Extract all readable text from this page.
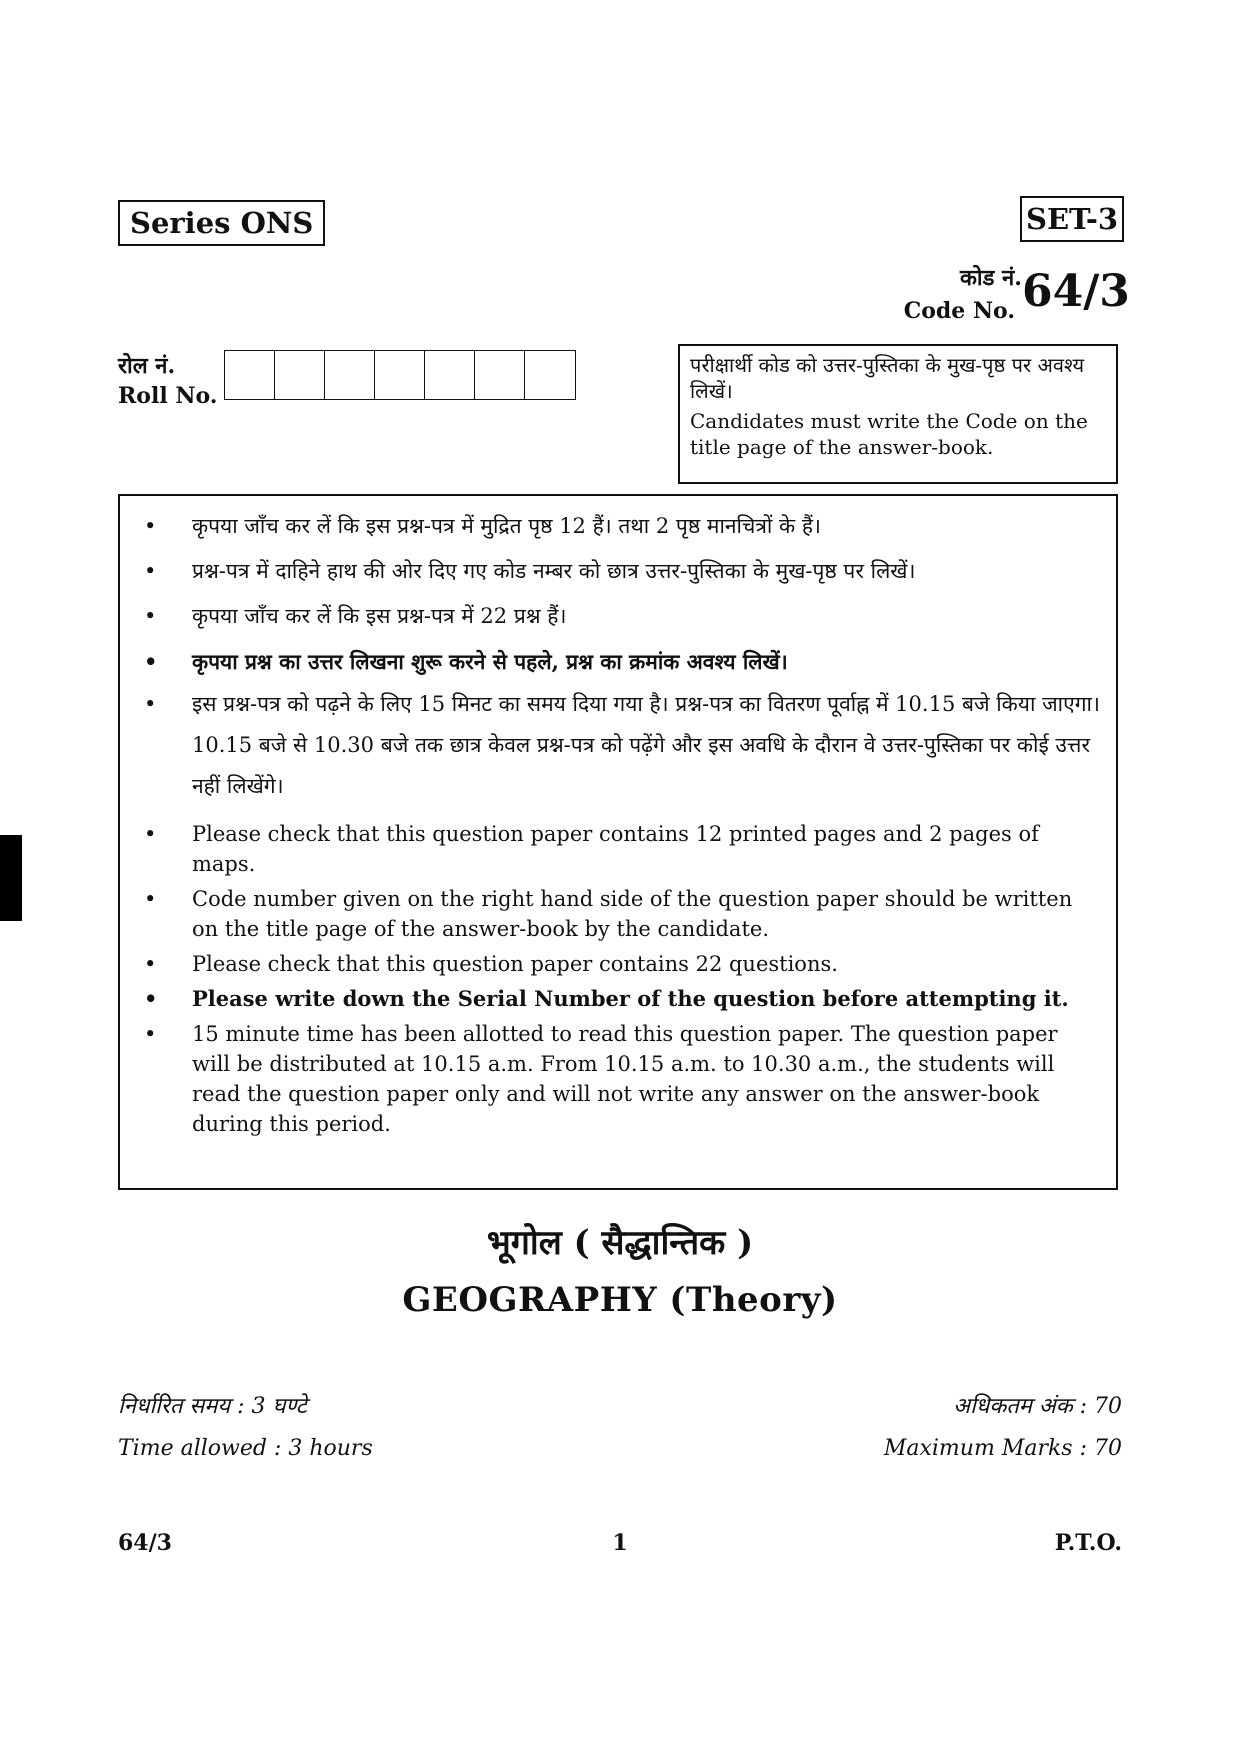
Series ONS	SET-3
कोड नं.
Code No. 64/3
रोल नं.
Roll No.

परीक्षार्थी कोड को उत्तर-पुस्तिका के मुख-पृष्ठ पर अवश्य लिखें।

Candidates must write the Code on the title page of the answer-book.

• कृपया जाँच कर लें कि इस प्रश्न-पत्र में मुद्रित पृष्ठ 12 हैं। तथा 2 पृष्ठ मानचित्रों के हैं।
• प्रश्न-पत्र में दाहिने हाथ की ओर दिए गए कोड नम्बर को छात्र उत्तर-पुस्तिका के मुख-पृष्ठ पर लिखें।
• कृपया जाँच कर लें कि इस प्रश्न-पत्र में 22 प्रश्न हैं।
• कृपया प्रश्न का उत्तर लिखना शुरू करने से पहले, प्रश्न का क्रमांक अवश्य लिखें।
• इस प्रश्न-पत्र को पढ़ने के लिए 15 मिनट का समय दिया गया है। प्रश्न-पत्र का वितरण पूर्वाह्न में 10.15 बजे किया जाएगा। 10.15 बजे से 10.30 बजे तक छात्र केवल प्रश्न-पत्र को पढ़ेंगे और इस अवधि के दौरान वे उत्तर-पुस्तिका पर कोई उत्तर नहीं लिखेंगे।
• Please check that this question paper contains 12 printed pages and 2 pages of maps.
• Code number given on the right hand side of the question paper should be written on the title page of the answer-book by the candidate.
• Please check that this question paper contains 22 questions.
• Please write down the Serial Number of the question before attempting it.
• 15 minute time has been allotted to read this question paper. The question paper will be distributed at 10.15 a.m. From 10.15 a.m. to 10.30 a.m., the students will read the question paper only and will not write any answer on the answer-book during this period.
भूगोल ( सैद्धान्तिक )
GEOGRAPHY (Theory)
निर्धारित समय : 3 घण्टे
Time allowed : 3 hours
अधिकतम अंक : 70
Maximum Marks : 70
64/3	1	P.T.O.
